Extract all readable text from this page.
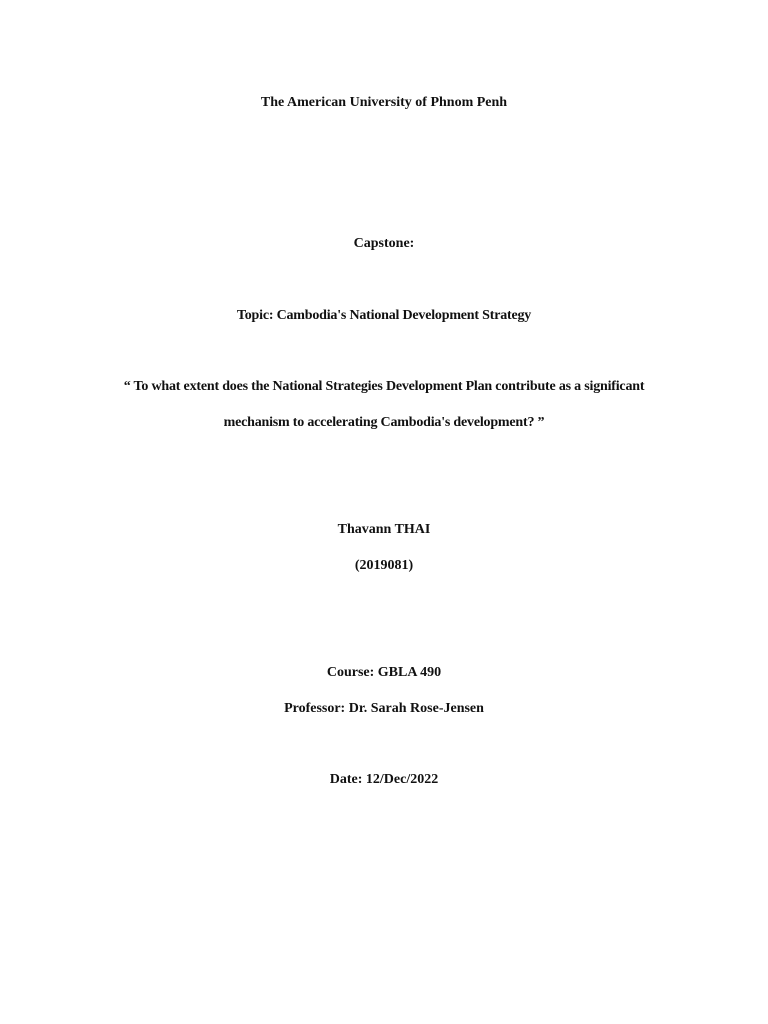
The American University of Phnom Penh
Capstone:
Topic: Cambodia's National Development Strategy
“ To what extent does the National Strategies Development Plan contribute as a significant
mechanism to accelerating Cambodia's development? ”
Thavann THAI
(2019081)
Course: GBLA 490
Professor: Dr. Sarah Rose-Jensen
Date: 12/Dec/2022
